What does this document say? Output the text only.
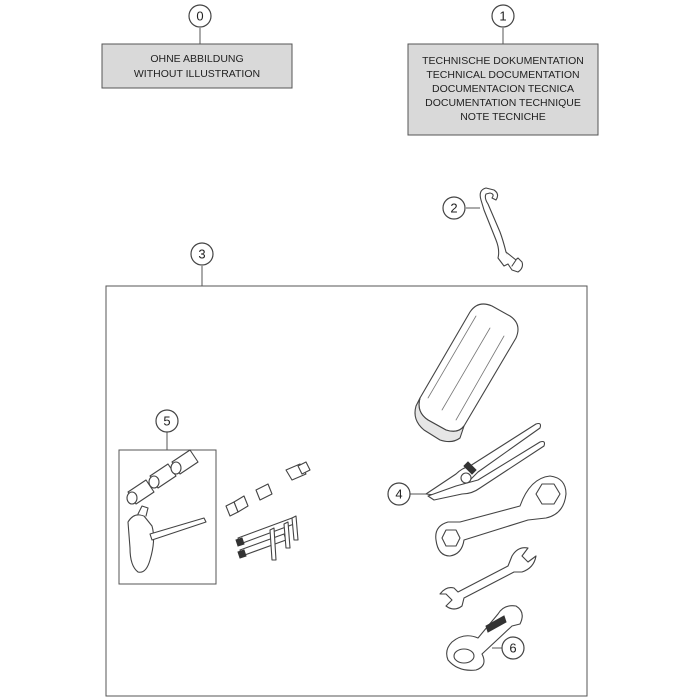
0
OHNE ABBILDUNG
WITHOUT ILLUSTRATION
1
TECHNISCHE DOKUMENTATION
TECHNICAL DOCUMENTATION
DOCUMENTACION TECNICA
DOCUMENTATION TECHNIQUE
NOTE TECNICHE
2
3
4
6
5
